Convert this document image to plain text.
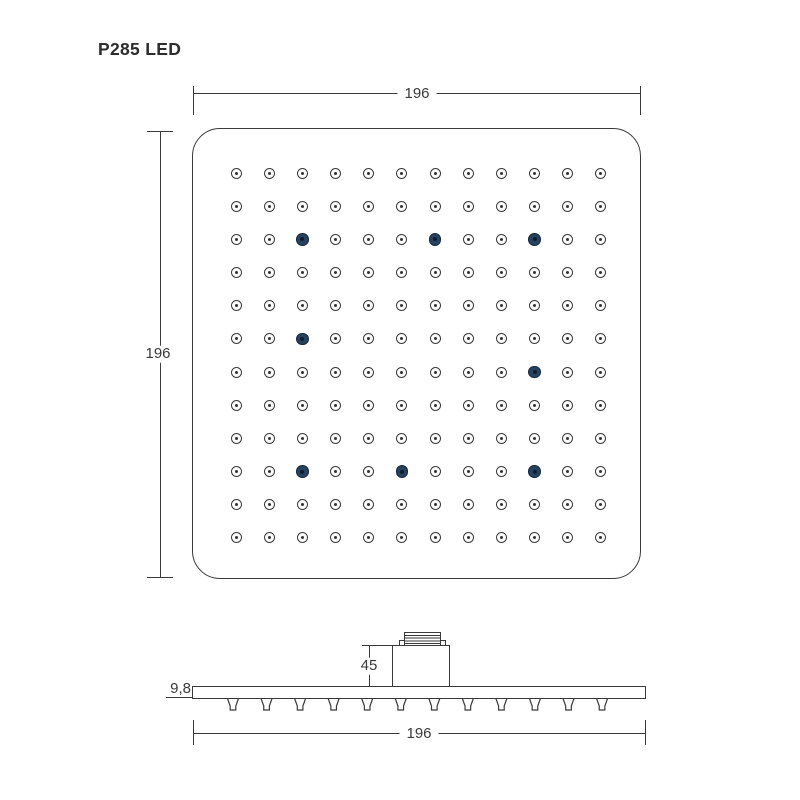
P285 LED
196
196
45
9,8
196
